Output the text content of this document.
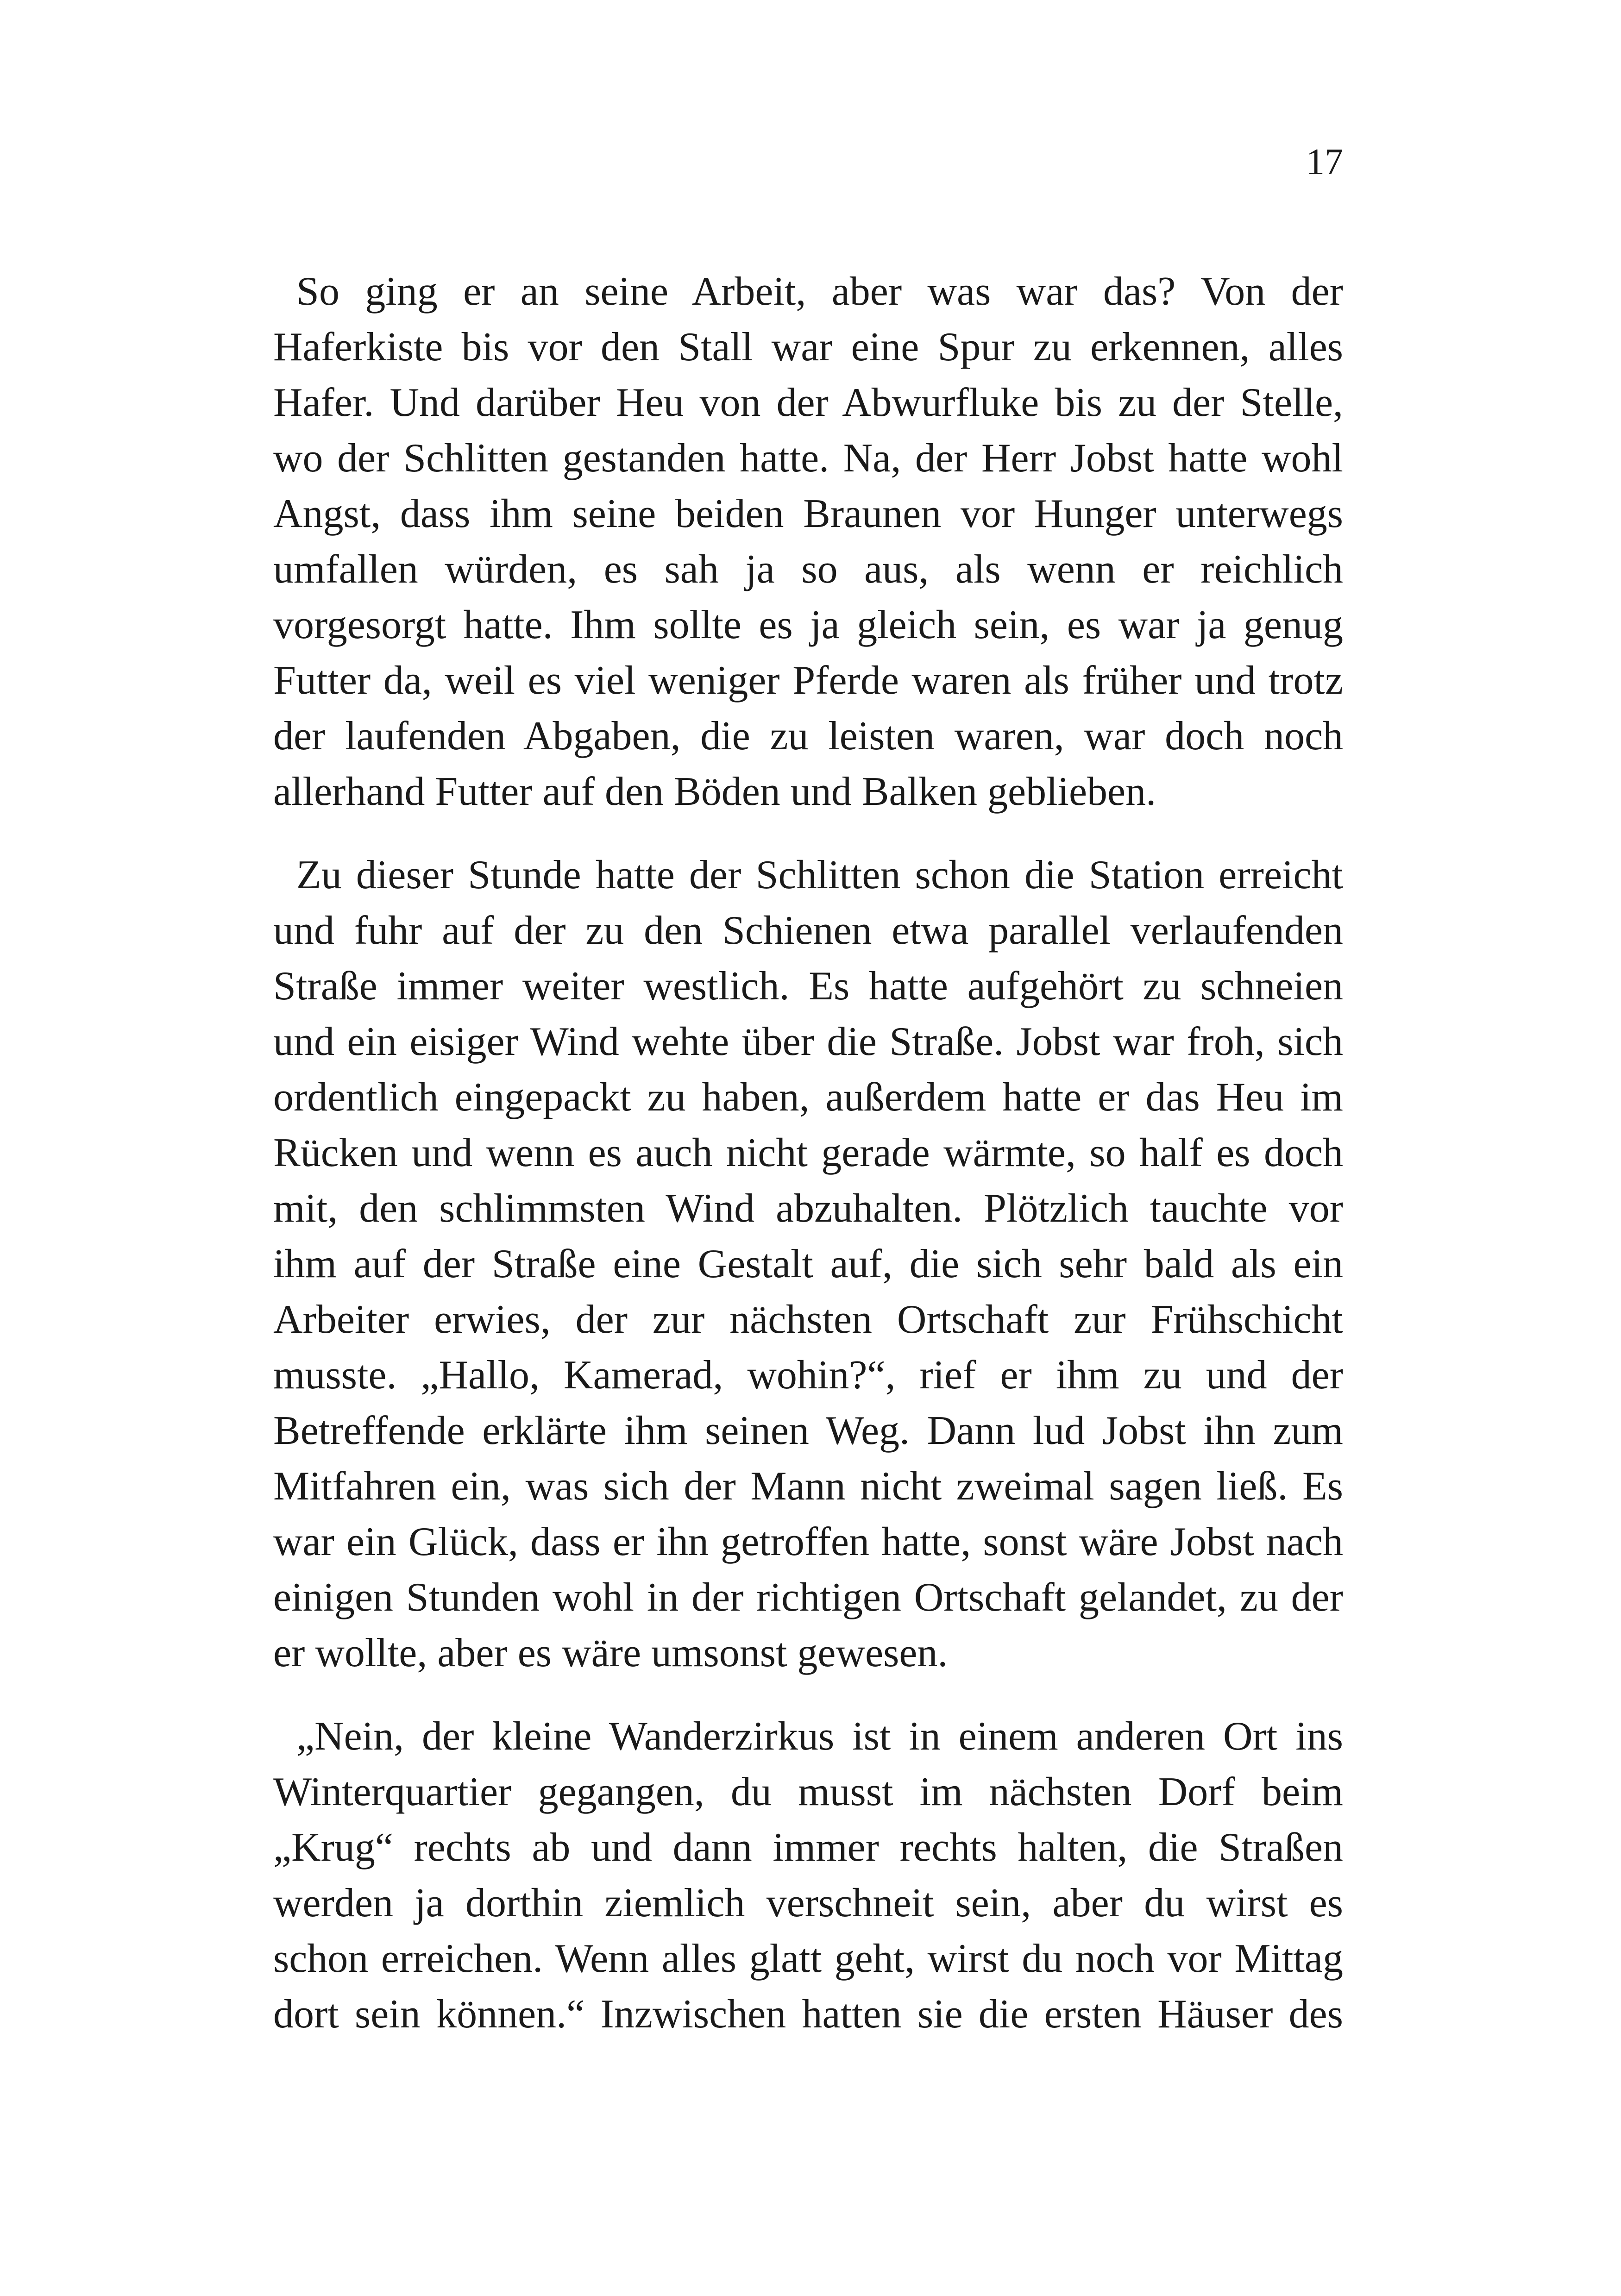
17
So ging er an seine Arbeit, aber was war das? Von der
Haferkiste bis vor den Stall war eine Spur zu erkennen, alles
Hafer. Und darüber Heu von der Abwurfluke bis zu der Stelle,
wo der Schlitten gestanden hatte. Na, der Herr Jobst hatte wohl
Angst, dass ihm seine beiden Braunen vor Hunger unterwegs
umfallen würden, es sah ja so aus, als wenn er reichlich
vorgesorgt hatte. Ihm sollte es ja gleich sein, es war ja genug
Futter da, weil es viel weniger Pferde waren als früher und trotz
der laufenden Abgaben, die zu leisten waren, war doch noch
allerhand Futter auf den Böden und Balken geblieben.
Zu dieser Stunde hatte der Schlitten schon die Station erreicht
und fuhr auf der zu den Schienen etwa parallel verlaufenden
Straße immer weiter westlich. Es hatte aufgehört zu schneien
und ein eisiger Wind wehte über die Straße. Jobst war froh, sich
ordentlich eingepackt zu haben, außerdem hatte er das Heu im
Rücken und wenn es auch nicht gerade wärmte, so half es doch
mit, den schlimmsten Wind abzuhalten. Plötzlich tauchte vor
ihm auf der Straße eine Gestalt auf, die sich sehr bald als ein
Arbeiter erwies, der zur nächsten Ortschaft zur Frühschicht
musste. „Hallo, Kamerad, wohin?“, rief er ihm zu und der
Betreffende erklärte ihm seinen Weg. Dann lud Jobst ihn zum
Mitfahren ein, was sich der Mann nicht zweimal sagen ließ. Es
war ein Glück, dass er ihn getroffen hatte, sonst wäre Jobst nach
einigen Stunden wohl in der richtigen Ortschaft gelandet, zu der
er wollte, aber es wäre umsonst gewesen.
„Nein, der kleine Wanderzirkus ist in einem anderen Ort ins
Winterquartier gegangen, du musst im nächsten Dorf beim
„Krug“ rechts ab und dann immer rechts halten, die Straßen
werden ja dorthin ziemlich verschneit sein, aber du wirst es
schon erreichen. Wenn alles glatt geht, wirst du noch vor Mittag
dort sein können.“ Inzwischen hatten sie die ersten Häuser des
